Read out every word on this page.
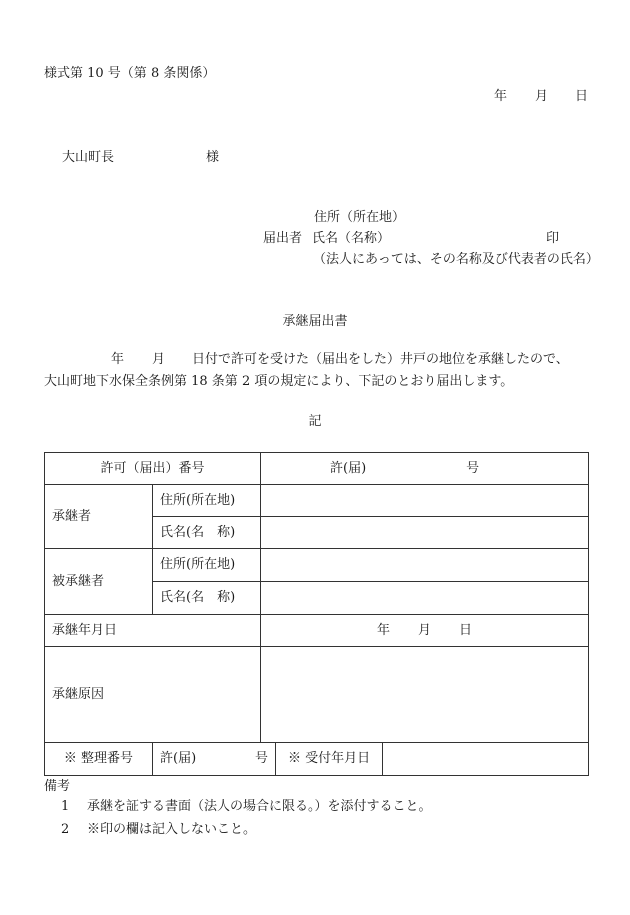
様式第 10 号（第 8 条関係）
年 月 日
大山町長	様
住所（所在地）
届出者 氏名（名称）	印
（法人にあっては、その名称及び代表者の氏名）
承継届出書
年 月 日付で許可を受けた（届出をした）井戸の地位を承継したので、
大山町地下水保全条例第 18 条第 2 項の規定により、下記のとおり届出します。
記
許可（届出）番号		許(届) 号		
承継者	住所(所在地)			
	氏名(名　称)			
被承継者	住所(所在地)			
	氏名(名　称)			
承継年月日		年 月 日		
承継原因				
※ 整理番号	許(届) 号		※ 受付年月日	
備考
1 承継を証する書面（法人の場合に限る。）を添付すること。
2 ※印の欄は記入しないこと。
